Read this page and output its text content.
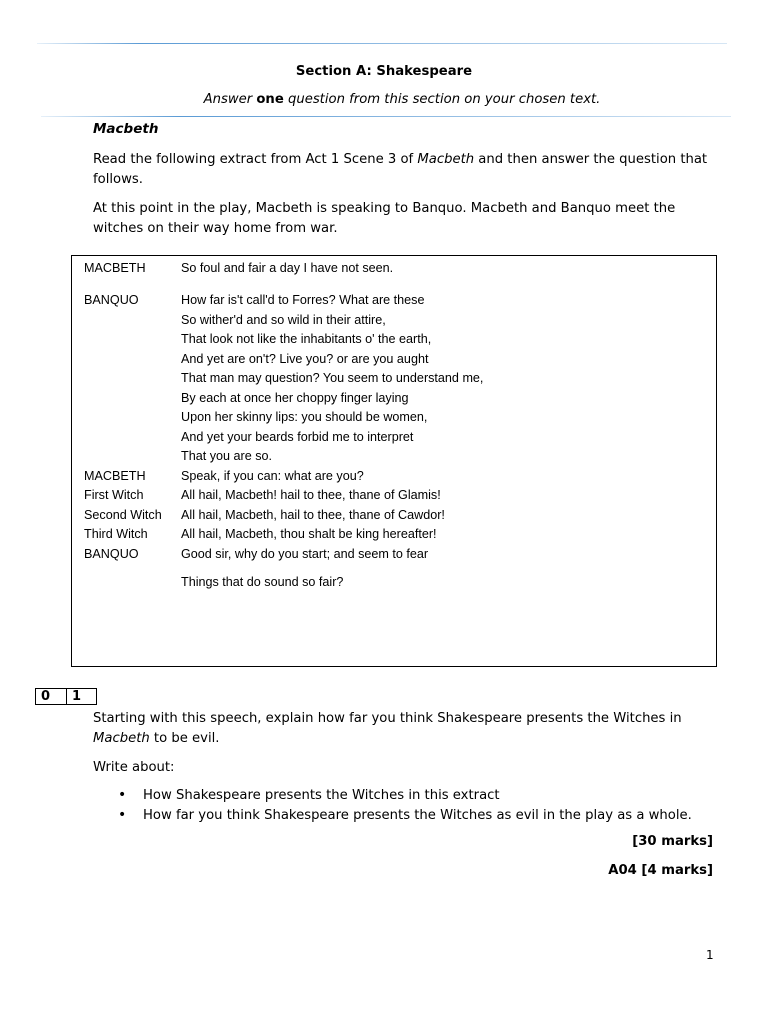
Section A: Shakespeare
Answer one question from this section on your chosen text.
Macbeth
Read the following extract from Act 1 Scene 3 of Macbeth and then answer the question that follows.
At this point in the play, Macbeth is speaking to Banquo. Macbeth and Banquo meet the witches on their way home from war.
MACBETH	So foul and fair a day I have not seen.
BANQUO	How far is't call'd to Forres? What are these
So wither'd and so wild in their attire,
That look not like the inhabitants o' the earth,
And yet are on't? Live you? or are you aught
That man may question? You seem to understand me,
By each at once her choppy finger laying
Upon her skinny lips: you should be women,
And yet your beards forbid me to interpret
That you are so.
MACBETH	Speak, if you can: what are you?
First Witch	All hail, Macbeth! hail to thee, thane of Glamis!
Second Witch All hail, Macbeth, hail to thee, thane of Cawdor!
Third Witch	All hail, Macbeth, thou shalt be king hereafter!
BANQUO	Good sir, why do you start; and seem to fear
Things that do sound so fair?
0	1
Starting with this speech, explain how far you think Shakespeare presents the Witches in Macbeth to be evil.
Write about:
• How Shakespeare presents the Witches in this extract
• How far you think Shakespeare presents the Witches as evil in the play as a whole.
[30 marks]
A04 [4 marks]
1
